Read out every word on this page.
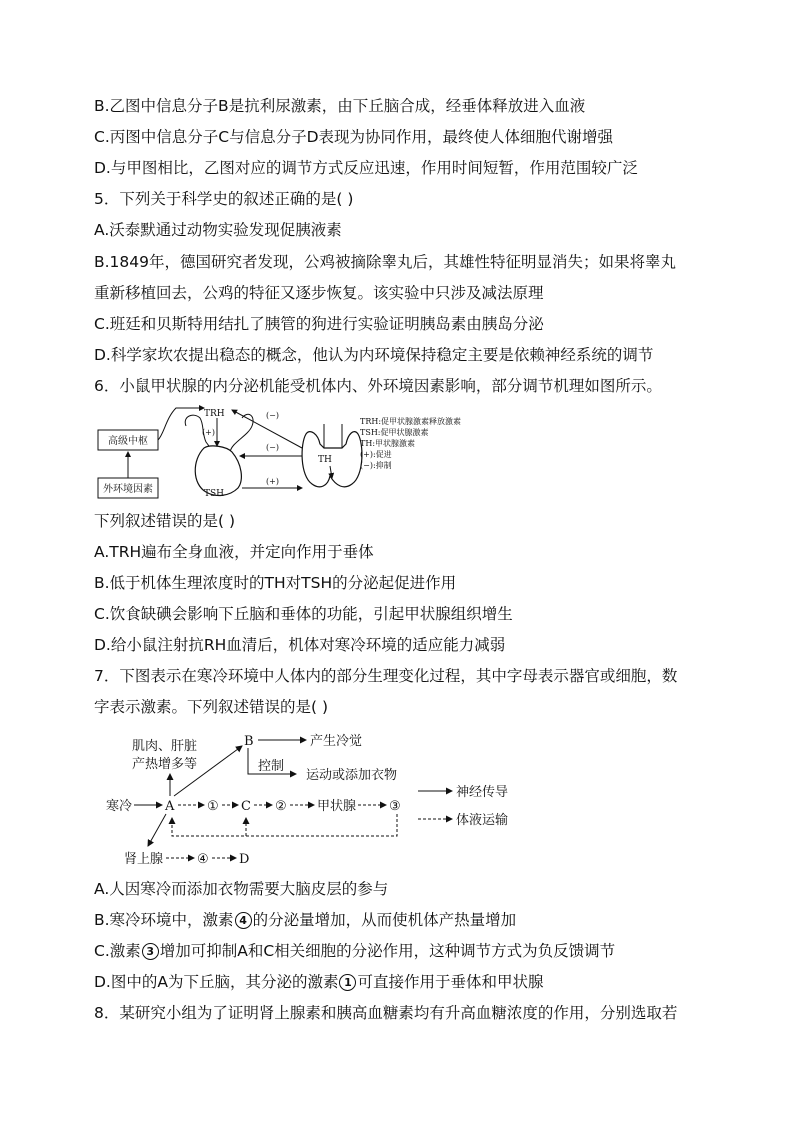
B.乙图中信息分子B是抗利尿激素，由下丘脑合成，经垂体释放进入血液
C.丙图中信息分子C与信息分子D表现为协同作用，最终使人体细胞代谢增强
D.与甲图相比，乙图对应的调节方式反应迅速，作用时间短暂，作用范围较广泛
5．下列关于科学史的叙述正确的是( )
A.沃泰默通过动物实验发现促胰液素
B.1849年，德国研究者发现，公鸡被摘除睾丸后，其雄性特征明显消失；如果将睾丸
重新移植回去，公鸡的特征又逐步恢复。该实验中只涉及减法原理
C.班廷和贝斯特用结扎了胰管的狗进行实验证明胰岛素由胰岛分泌
D.科学家坎农提出稳态的概念，他认为内环境保持稳定主要是依赖神经系统的调节
6．小鼠甲状腺的内分泌机能受机体内、外环境因素影响，部分调节机理如图所示。
高级中枢
外环境因素
TRH
(+)
TSH
(−)
(−)
(+)
TH
TRH:促甲状腺激素释放激素
TSH:促甲状腺激素
TH:甲状腺激素
(+):促进
(−):抑制
下列叙述错误的是( )
A.TRH遍布全身血液，并定向作用于垂体
B.低于机体生理浓度时的TH对TSH的分泌起促进作用
C.饮食缺碘会影响下丘脑和垂体的功能，引起甲状腺组织增生
D.给小鼠注射抗RH血清后，机体对寒冷环境的适应能力减弱
7．下图表示在寒冷环境中人体内的部分生理变化过程，其中字母表示器官或细胞，数
字表示激素。下列叙述错误的是( )
肌肉、肝脏
产热增多等
B	产生冷觉
控制
运动或添加衣物
寒冷	A	① C ② 甲状腺	③
肾上腺	④ D
神经传导
体液运输
A.人因寒冷而添加衣物需要大脑皮层的参与
B.寒冷环境中，激素 4 的分泌量增加，从而使机体产热量增加
C.激素 3 增加可抑制A和C相关细胞的分泌作用，这种调节方式为负反馈调节
D.图中的A为下丘脑，其分泌的激素 1 可直接作用于垂体和甲状腺
8．某研究小组为了证明肾上腺素和胰高血糖素均有升高血糖浓度的作用，分别选取若
